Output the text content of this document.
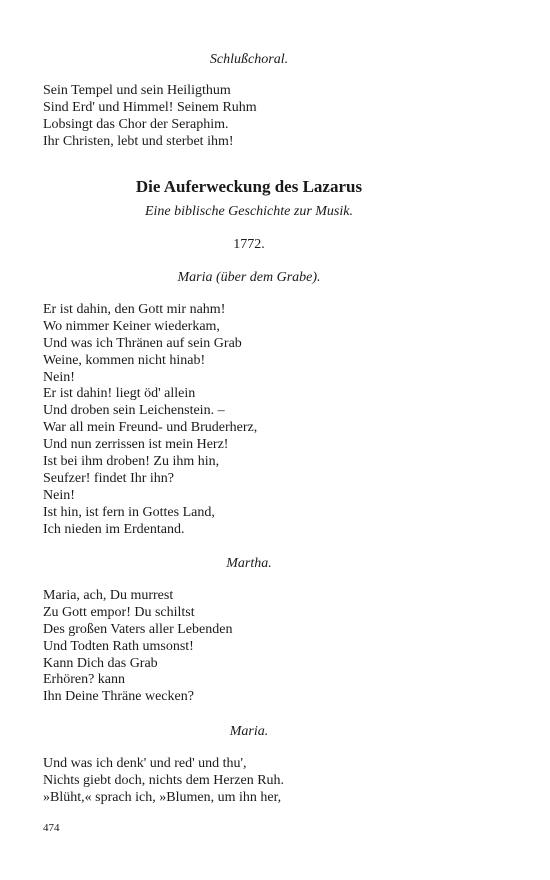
Schlußchoral.

Sein Tempel und sein Heiligthum
Sind Erd' und Himmel! Seinem Ruhm
Lobsingt das Chor der Seraphim.
Ihr Christen, lebt und sterbet ihm!

Die Auferweckung des Lazarus

Eine biblische Geschichte zur Musik.

1772.

Maria (über dem Grabe).

Er ist dahin, den Gott mir nahm!
Wo nimmer Keiner wiederkam,
Und was ich Thränen auf sein Grab
Weine, kommen nicht hinab!
Nein!
Er ist dahin! liegt öd' allein
Und droben sein Leichenstein. –
War all mein Freund- und Bruderherz,
Und nun zerrissen ist mein Herz!
Ist bei ihm droben! Zu ihm hin,
Seufzer! findet Ihr ihn?
Nein!
Ist hin, ist fern in Gottes Land,
Ich nieden im Erdentand.

Martha.

Maria, ach, Du murrest
Zu Gott empor! Du schiltst
Des großen Vaters aller Lebenden
Und Todten Rath umsonst!
Kann Dich das Grab
Erhören? kann
Ihn Deine Thräne wecken?

Maria.

Und was ich denk' und red' und thu',
Nichts giebt doch, nichts dem Herzen Ruh.
»Blüht,« sprach ich, »Blumen, um ihn her,

474
